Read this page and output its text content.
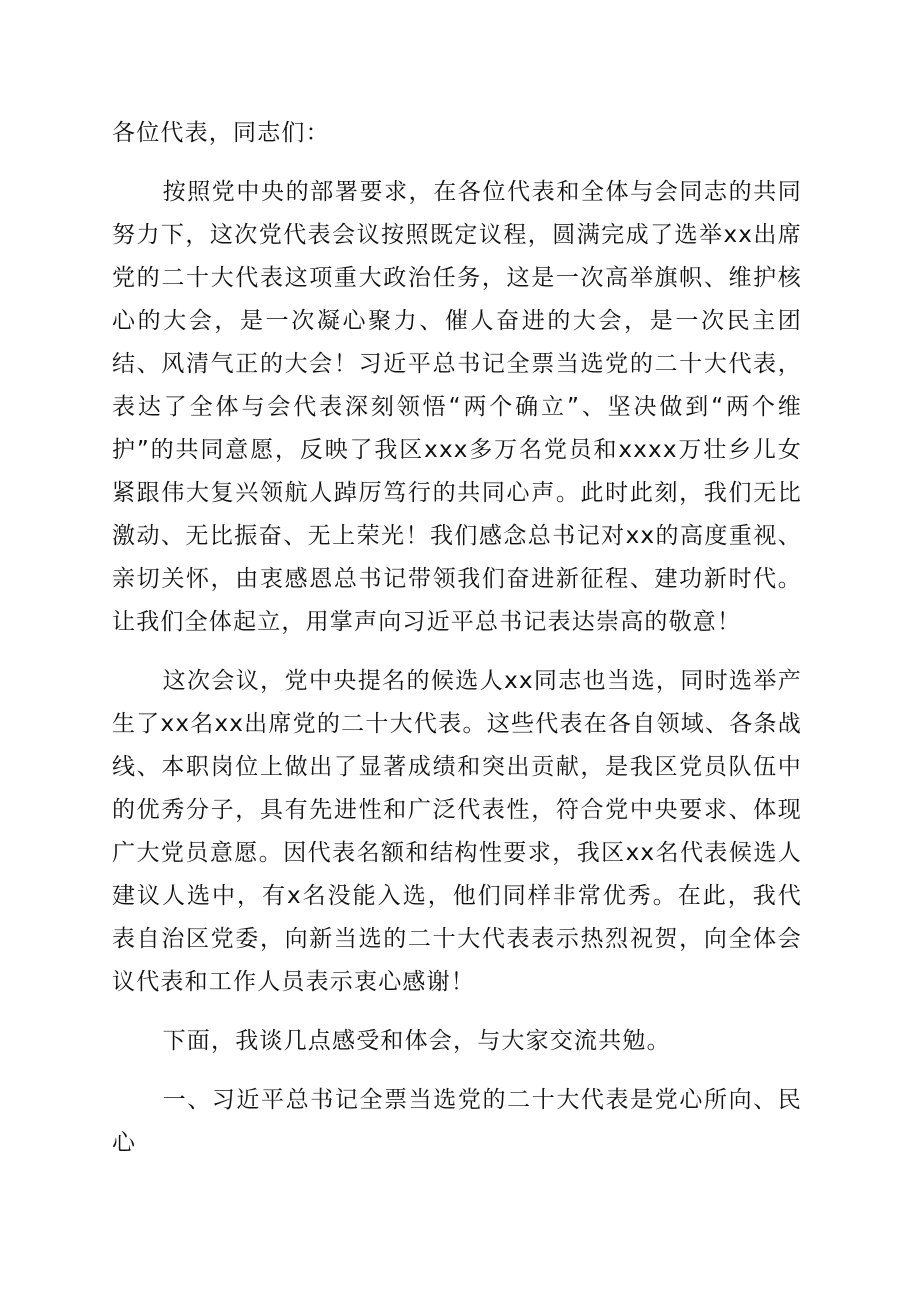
各位代表，同志们：

按照党中央的部署要求，在各位代表和全体与会同志的共同努力下，这次党代表会议按照既定议程，圆满完成了选举xx出席党的二十大代表这项重大政治任务，这是一次高举旗帜、维护核心的大会，是一次凝心聚力、催人奋进的大会，是一次民主团结、风清气正的大会！习近平总书记全票当选党的二十大代表，表达了全体与会代表深刻领悟“两个确立”、坚决做到“两个维护”的共同意愿，反映了我区xxx多万名党员和xxxx万壮乡儿女紧跟伟大复兴领航人踔厉笃行的共同心声。此时此刻，我们无比激动、无比振奋、无上荣光！我们感念总书记对xx的高度重视、亲切关怀，由衷感恩总书记带领我们奋进新征程、建功新时代。让我们全体起立，用掌声向习近平总书记表达崇高的敬意！

这次会议，党中央提名的候选人xx同志也当选，同时选举产生了xx名xx出席党的二十大代表。这些代表在各自领域、各条战线、本职岗位上做出了显著成绩和突出贡献，是我区党员队伍中的优秀分子，具有先进性和广泛代表性，符合党中央要求、体现广大党员意愿。因代表名额和结构性要求，我区xx名代表候选人建议人选中，有x名没能入选，他们同样非常优秀。在此，我代表自治区党委，向新当选的二十大代表表示热烈祝贺，向全体会议代表和工作人员表示衷心感谢！

下面，我谈几点感受和体会，与大家交流共勉。

一、习近平总书记全票当选党的二十大代表是党心所向、民心
